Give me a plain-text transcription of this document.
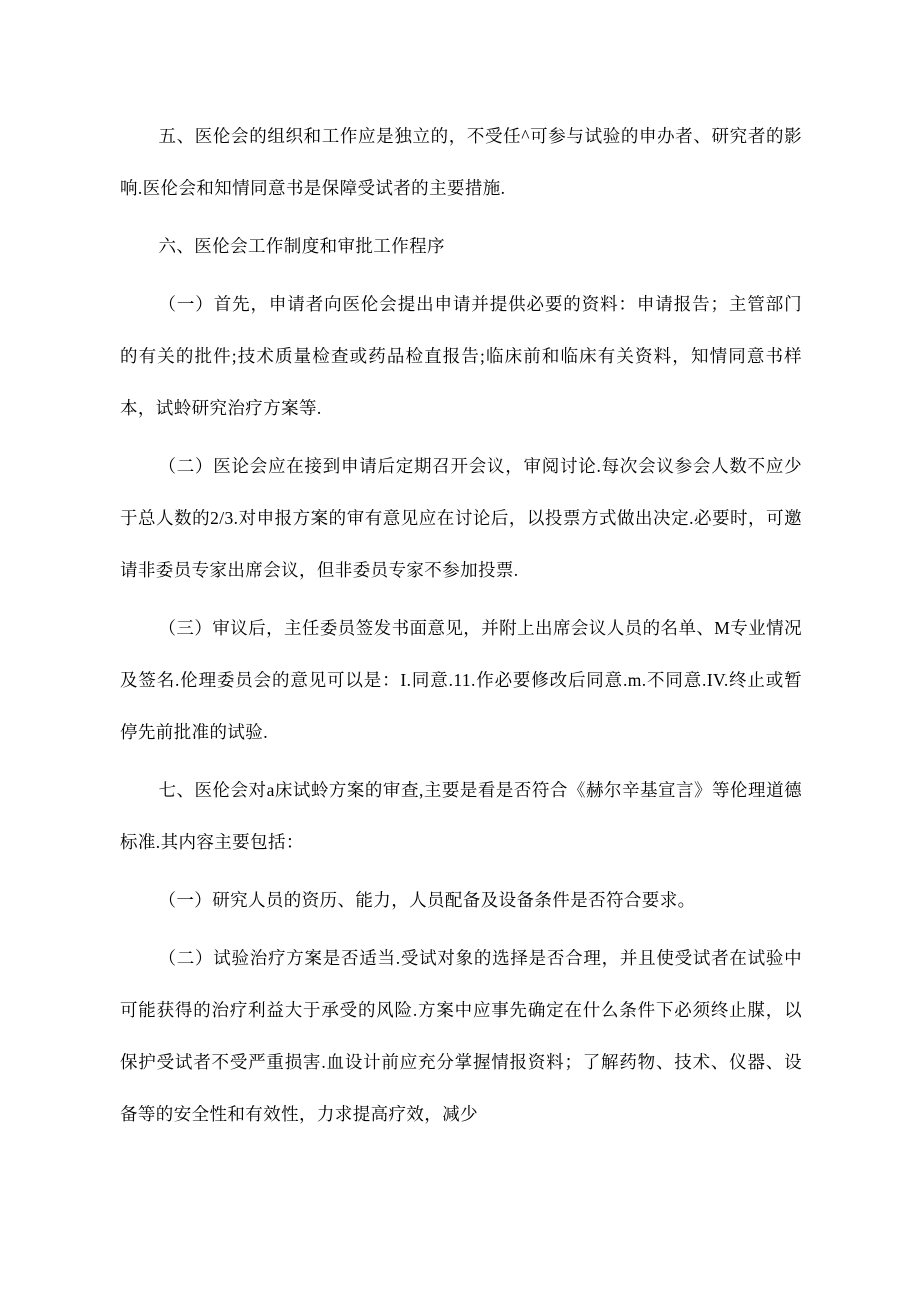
五、医伦会的组织和工作应是独立的，不受任^可参与试验的申办者、研究者的影响.医伦会和知情同意书是保障受试者的主要措施.

六、医伦会工作制度和审批工作程序

（一）首先，申请者向医伦会提出申请并提供必要的资料：申请报告；主管部门的有关的批件;技术质量检查或药品检直报告;临床前和临床有关资料，知情同意书样本，试蛉研究治疗方案等.

（二）医论会应在接到申请后定期召开会议，审阅讨论.每次会议参会人数不应少于总人数的2/3.对申报方案的审有意见应在讨论后，以投票方式做出决定.必要时，可邀请非委员专家出席会议，但非委员专家不参加投票.

（三）审议后，主任委员签发书面意见，并附上出席会议人员的名单、M专业情况及签名.伦理委员会的意见可以是：I.同意.11.作必要修改后同意.m.不同意.IV.终止或暂停先前批准的试验.

七、医伦会对a床试蛉方案的审查,主要是看是否符合《赫尔辛基宣言》等伦理道德标准.其内容主要包括：

（一）研究人员的资历、能力，人员配备及设备条件是否符合要求。

（二）试验治疗方案是否适当.受试对象的选择是否合理，并且使受试者在试验中可能获得的治疗利益大于承受的风险.方案中应事先确定在什么条件下必须终止腜，以保护受试者不受严重损害.血设计前应充分掌握情报资料；了解药物、技术、仪器、设备等的安全性和有效性，力求提高疗效，减少
